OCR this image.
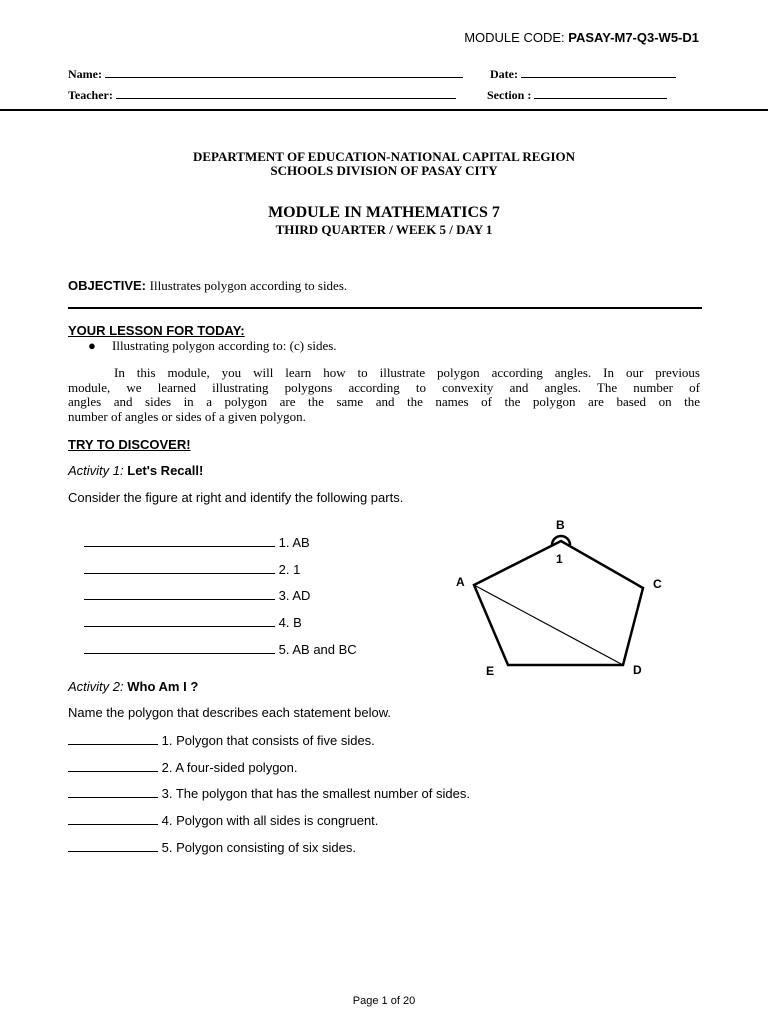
MODULE CODE: PASAY-M7-Q3-W5-D1
Name:	Date:
Teacher:	Section :
DEPARTMENT OF EDUCATION-NATIONAL CAPITAL REGION
SCHOOLS DIVISION OF PASAY CITY
MODULE IN MATHEMATICS 7
THIRD QUARTER / WEEK 5 / DAY 1
OBJECTIVE: Illustrates polygon according to sides.
YOUR LESSON FOR TODAY:
● Illustrating polygon according to: (c) sides.
In this module, you will learn how to illustrate polygon according angles. In our previous
module, we learned illustrating polygons according to convexity and angles. The number of
angles and sides in a polygon are the same and the names of the polygon are based on the
number of angles or sides of a given polygon.
TRY TO DISCOVER!
Activity 1: Let's Recall!
Consider the figure at right and identify the following parts.
1. AB
2. 1
3. AD
4. B
5. AB and BC
B
1
A	C
D
E
Activity 2: Who Am I ?
Name the polygon that describes each statement below.
1. Polygon that consists of five sides.
2. A four-sided polygon.
3. The polygon that has the smallest number of sides.
4. Polygon with all sides is congruent.
5. Polygon consisting of six sides.
Page 1 of 20
